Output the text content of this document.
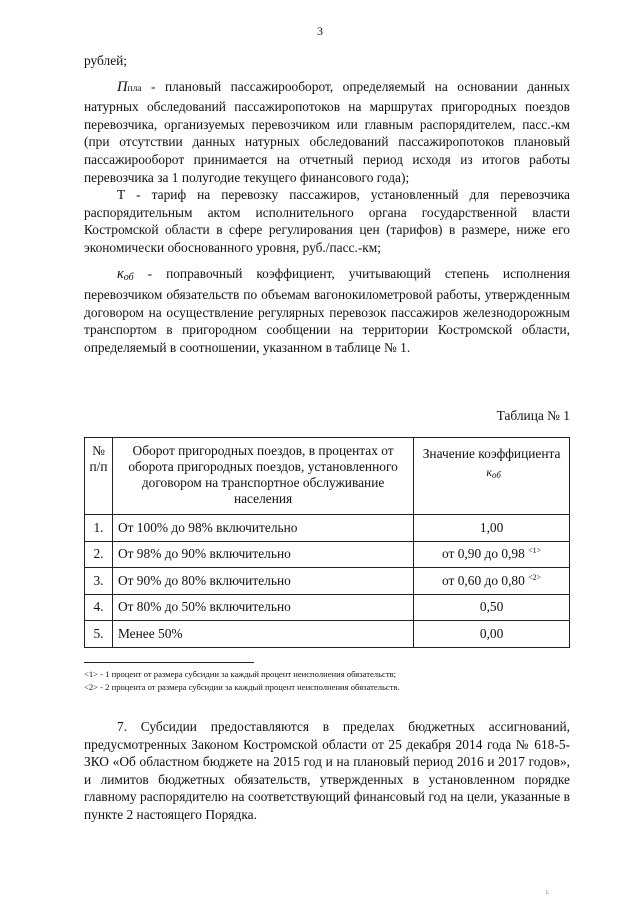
3

рублей;

Ппла - плановый пассажирооборот, определяемый на основании данных натурных обследований пассажиропотоков на маршрутах пригородных поездов перевозчика, организуемых перевозчиком или главным распорядителем, пасс.-км (при отсутствии данных натурных обследований пассажиропотоков плановый пассажирооборот принимается на отчетный период исходя из итогов работы перевозчика за 1 полугодие текущего финансового года);

Т - тариф на перевозку пассажиров, установленный для перевозчика распорядительным актом исполнительного органа государственной власти Костромской области в сфере регулирования цен (тарифов) в размере, ниже его экономически обоснованного уровня, руб./пасс.-км;

коб - поправочный коэффициент, учитывающий степень исполнения перевозчиком обязательств по объемам вагонокилометровой работы, утвержденным договором на осуществление регулярных перевозок пассажиров железнодорожным транспортом в пригородном сообщении на территории Костромской области, определяемый в соотношении, указанном в таблице № 1.

Таблица № 1
№ п/п	Оборот пригородных поездов, в процентах от оборота пригородных поездов, установленного договором на транспортное обслуживание населения	Значение коэффициента коб

1.	От 100% до 98% включительно	1,00
2.	От 98% до 90% включительно	от 0,90 до 0,98 $^{<1>}$
3.	От 90% до 80% включительно	от 0,60 до 0,80 $^{<2>}$
4.	От 80% до 50% включительно	0,50
5.	Менее 50%	0,00
<1> - 1 процент от размера субсидии за каждый процент неисполнения обязательств;
<2> - 2 процента от размера субсидии за каждый процент неисполнения обязательств.

7. Субсидии предоставляются в пределах бюджетных ассигнований, предусмотренных Законом Костромской области от 25 декабря 2014 года № 618-5-ЗКО «Об областном бюджете на 2015 год и на плановый период 2016 и 2017 годов», и лимитов бюджетных обязательств, утвержденных в установленном порядке главному распорядителю на соответствующий финансовый год на цели, указанные в пункте 2 настоящего Порядка.

ʟ
